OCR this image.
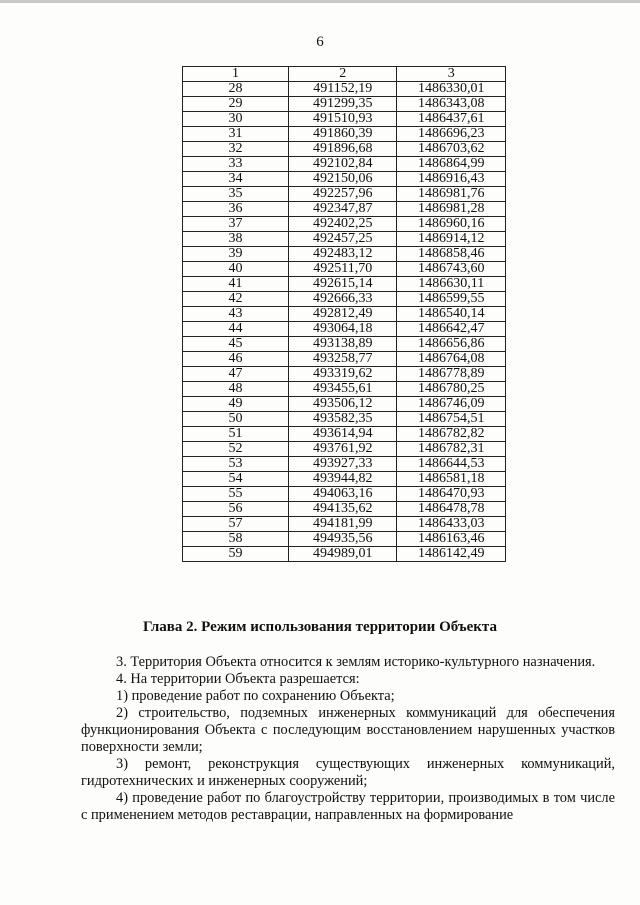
6
1	2	3
28	491152,19	1486330,01
29	491299,35	1486343,08
30	491510,93	1486437,61
31	491860,39	1486696,23
32	491896,68	1486703,62
33	492102,84	1486864,99
34	492150,06	1486916,43
35	492257,96	1486981,76
36	492347,87	1486981,28
37	492402,25	1486960,16
38	492457,25	1486914,12
39	492483,12	1486858,46
40	492511,70	1486743,60
41	492615,14	1486630,11
42	492666,33	1486599,55
43	492812,49	1486540,14
44	493064,18	1486642,47
45	493138,89	1486656,86
46	493258,77	1486764,08
47	493319,62	1486778,89
48	493455,61	1486780,25
49	493506,12	1486746,09
50	493582,35	1486754,51
51	493614,94	1486782,82
52	493761,92	1486782,31
53	493927,33	1486644,53
54	493944,82	1486581,18
55	494063,16	1486470,93
56	494135,62	1486478,78
57	494181,99	1486433,03
58	494935,56	1486163,46
59	494989,01	1486142,49
Глава 2. Режим использования территории Объекта

3. Территория Объекта относится к землям историко-культурного назначения.

4. На территории Объекта разрешается:

1) проведение работ по сохранению Объекта;

2) строительство, подземных инженерных коммуникаций для обеспечения функционирования Объекта с последующим восстановлением нарушенных участков поверхности земли;

3) ремонт, реконструкция существующих инженерных коммуникаций, гидротехнических и инженерных сооружений;

4) проведение работ по благоустройству территории, производимых в том числе с применением методов реставрации, направленных на формирование
